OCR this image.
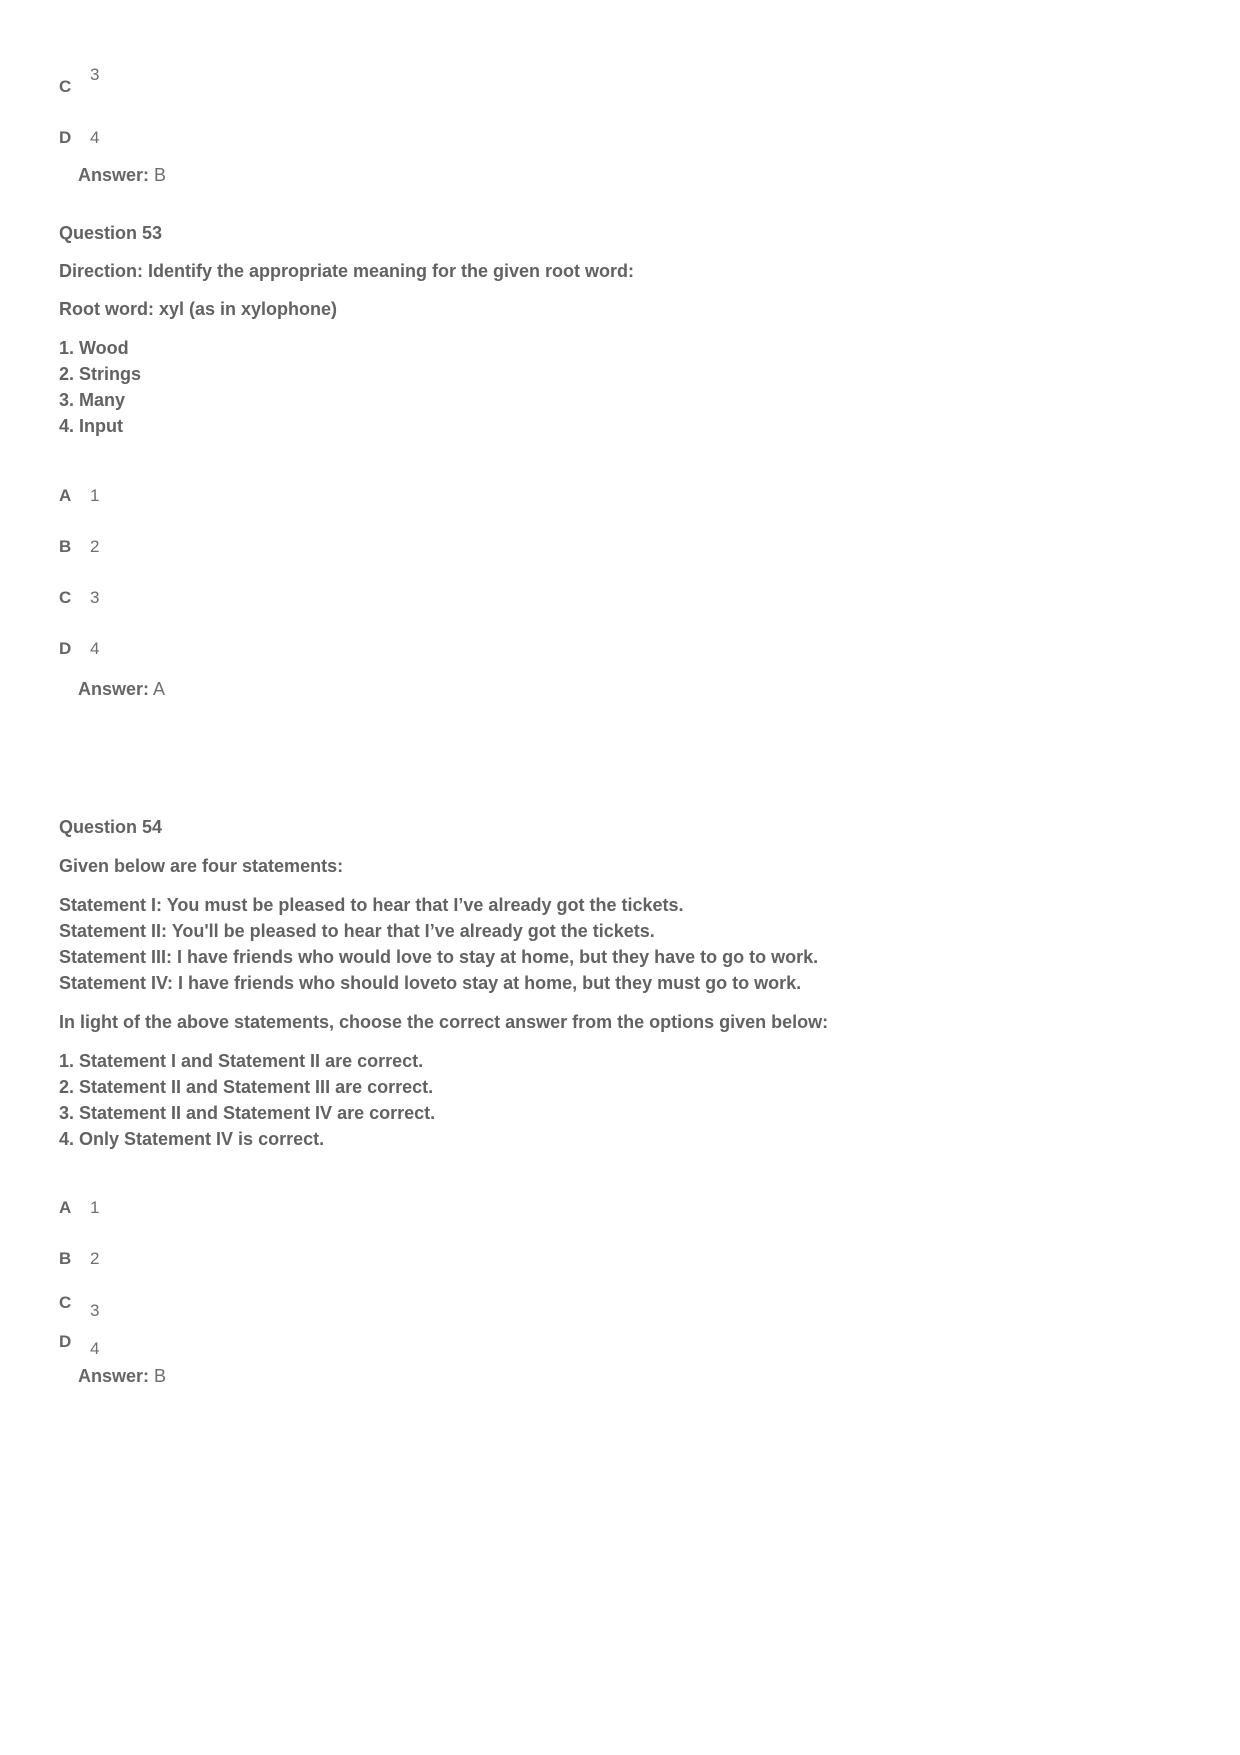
C
3
D 4
Answer: B
Question 53
Direction: Identify the appropriate meaning for the given root word:
Root word: xyl (as in xylophone)
1. Wood
2. Strings
3. Many
4. Input
A 1
B 2
C 3
D 4
Answer: A
Question 54
Given below are four statements:
Statement I: You must be pleased to hear that I’ve already got the tickets.
Statement II: You'll be pleased to hear that I’ve already got the tickets.
Statement III: I have friends who would love to stay at home, but they have to go to work.
Statement IV: I have friends who should loveto stay at home, but they must go to work.
In light of the above statements, choose the correct answer from the options given below:
1. Statement I and Statement II are correct.
2. Statement II and Statement III are correct.
3. Statement II and Statement IV are correct.
4. Only Statement IV is correct.
A 1
B 2
C 3
D 4
Answer: B
